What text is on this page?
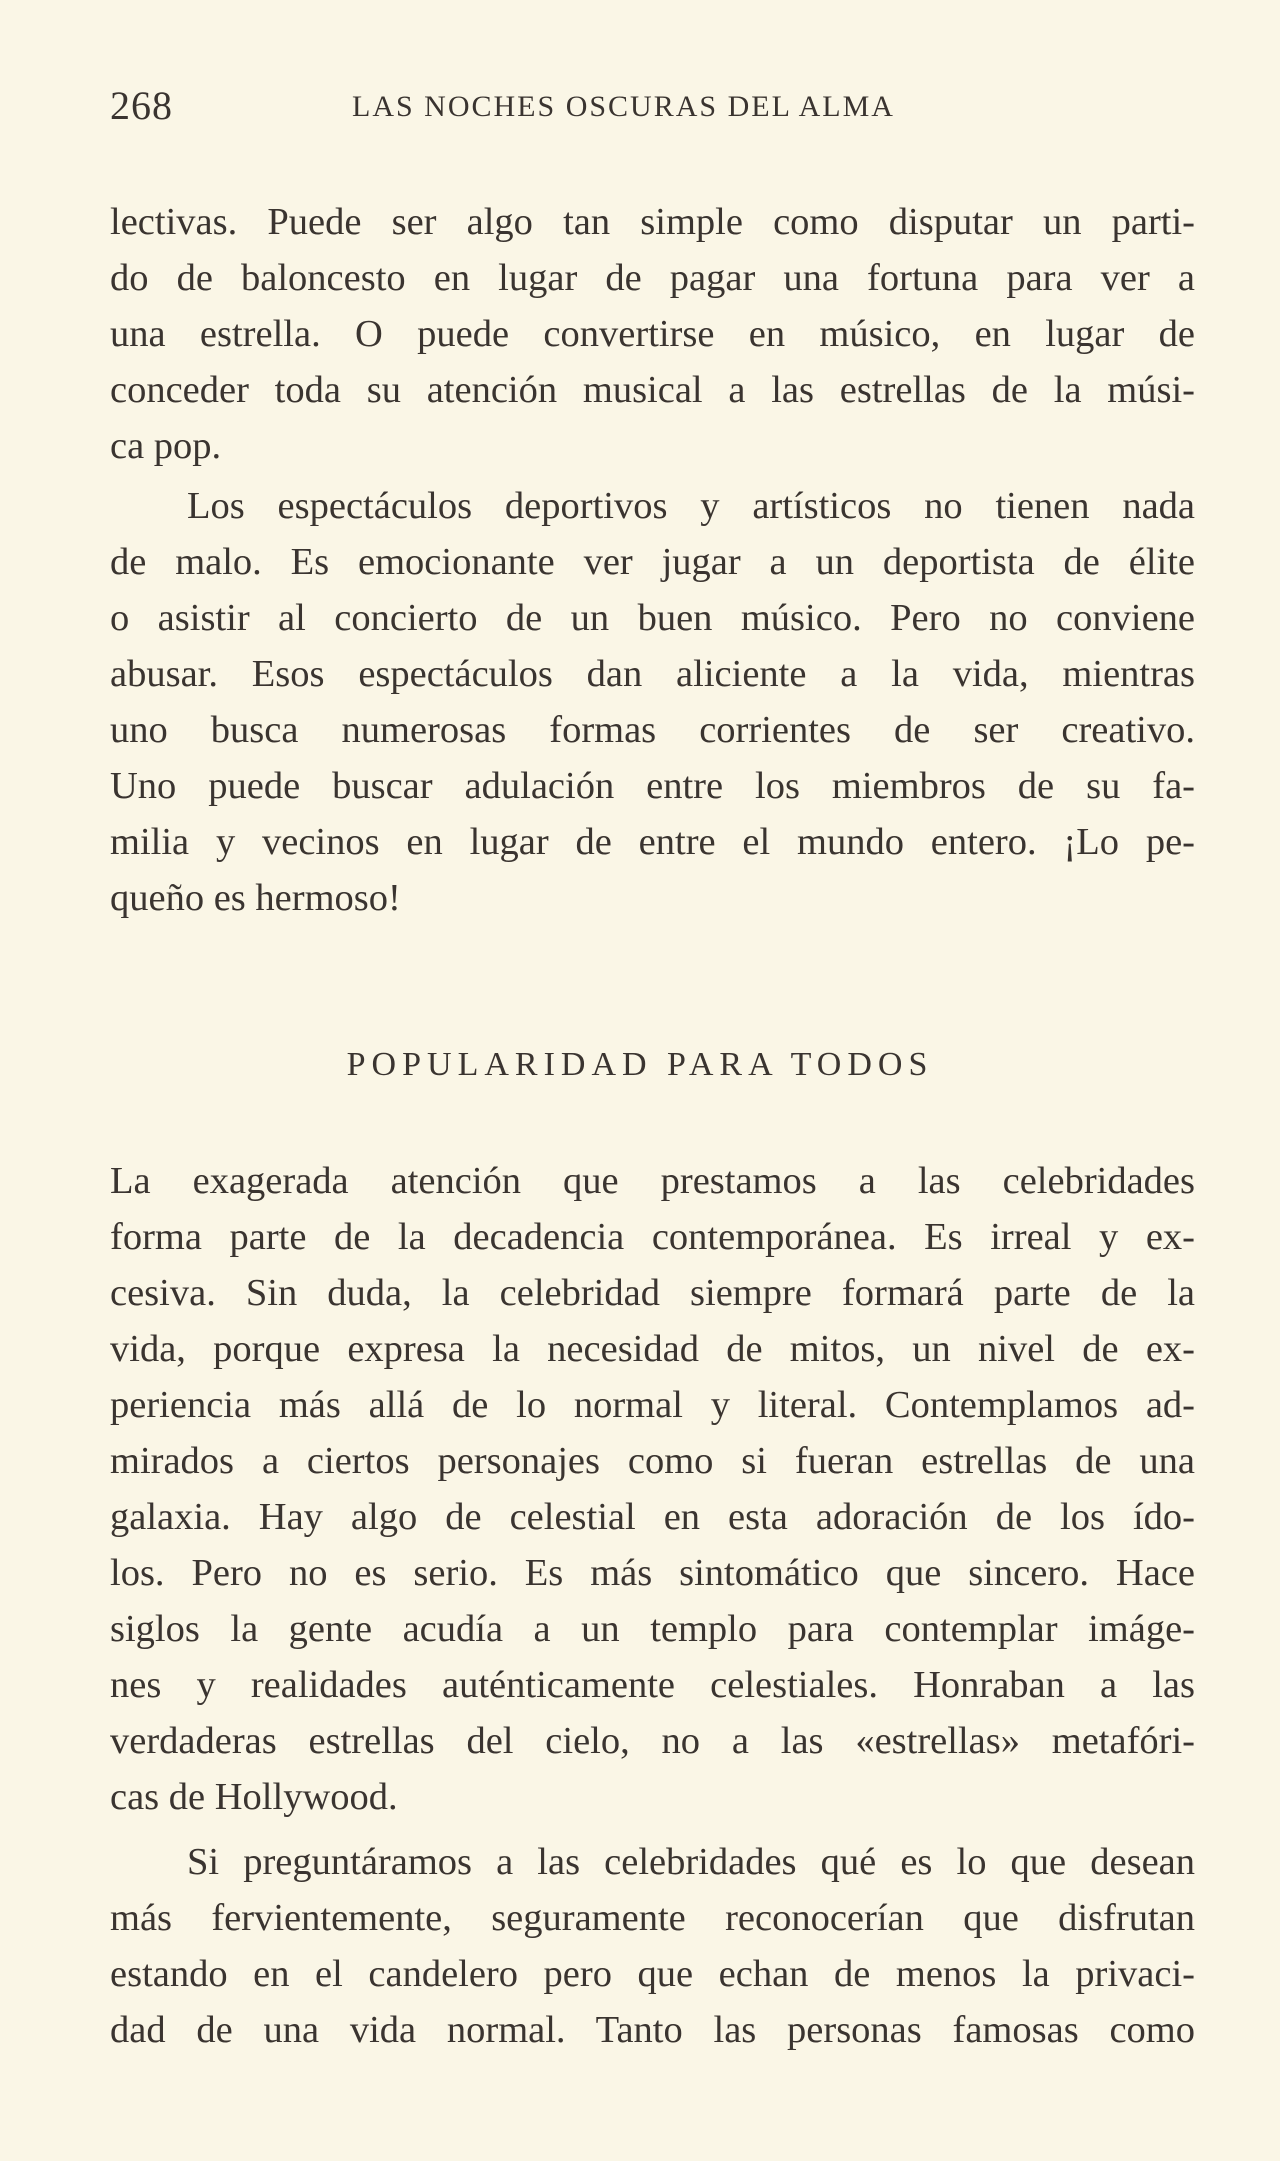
268	LAS NOCHES OSCURAS DEL ALMA
lectivas. Puede ser algo tan simple como disputar un parti-
do de baloncesto en lugar de pagar una fortuna para ver a
una estrella. O puede convertirse en músico, en lugar de
conceder toda su atención musical a las estrellas de la músi-
ca pop.
Los espectáculos deportivos y artísticos no tienen nada
de malo. Es emocionante ver jugar a un deportista de élite
o asistir al concierto de un buen músico. Pero no conviene
abusar. Esos espectáculos dan aliciente a la vida, mientras
uno busca numerosas formas corrientes de ser creativo.
Uno puede buscar adulación entre los miembros de su fa-
milia y vecinos en lugar de entre el mundo entero. ¡Lo pe-
queño es hermoso!
POPULARIDAD PARA TODOS
La exagerada atención que prestamos a las celebridades
forma parte de la decadencia contemporánea. Es irreal y ex-
cesiva. Sin duda, la celebridad siempre formará parte de la
vida, porque expresa la necesidad de mitos, un nivel de ex-
periencia más allá de lo normal y literal. Contemplamos ad-
mirados a ciertos personajes como si fueran estrellas de una
galaxia. Hay algo de celestial en esta adoración de los ído-
los. Pero no es serio. Es más sintomático que sincero. Hace
siglos la gente acudía a un templo para contemplar imáge-
nes y realidades auténticamente celestiales. Honraban a las
verdaderas estrellas del cielo, no a las «estrellas» metafóri-
cas de Hollywood.
Si preguntáramos a las celebridades qué es lo que desean
más fervientemente, seguramente reconocerían que disfrutan
estando en el candelero pero que echan de menos la privaci-
dad de una vida normal. Tanto las personas famosas como
